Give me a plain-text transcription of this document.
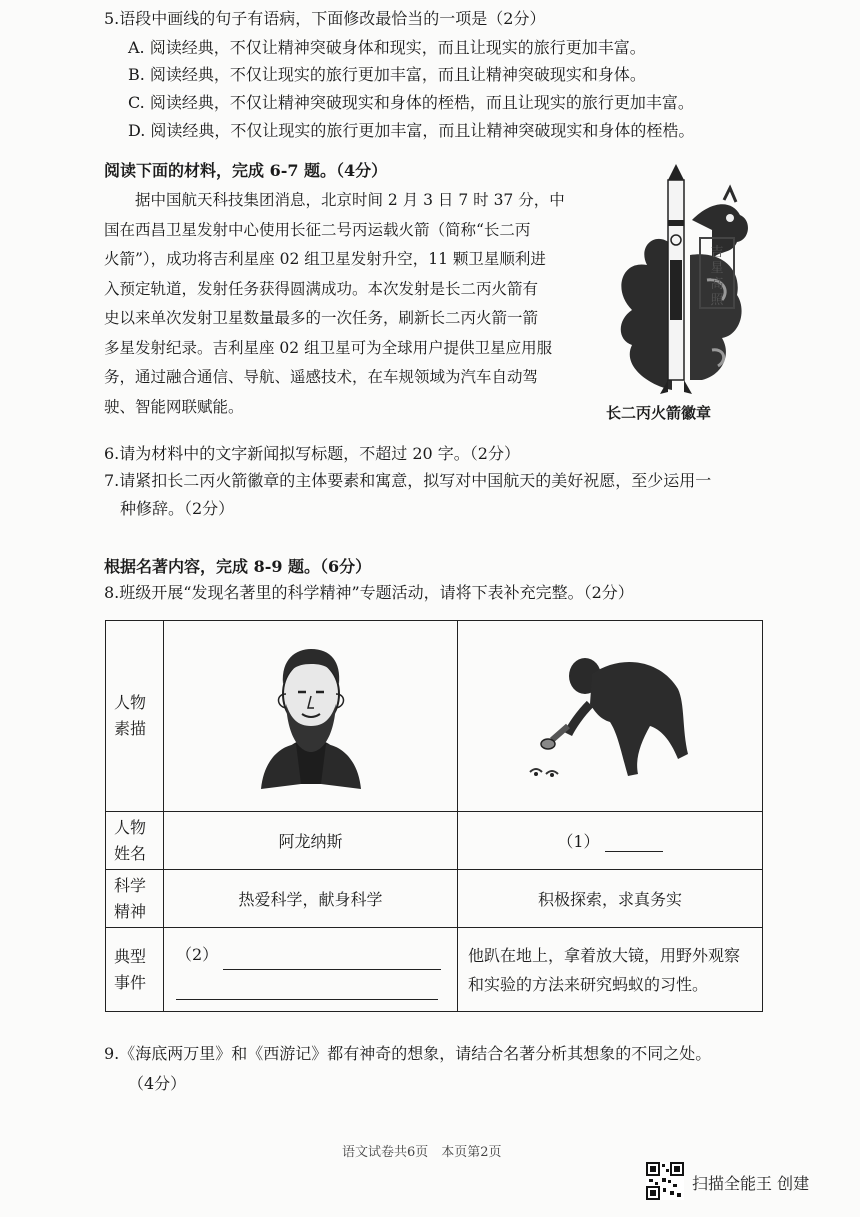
5.语段中画线的句子有语病，下面修改最恰当的一项是（2分）
A. 阅读经典，不仅让精神突破身体和现实，而且让现实的旅行更加丰富。
B. 阅读经典，不仅让现实的旅行更加丰富，而且让精神突破现实和身体。
C. 阅读经典，不仅让精神突破现实和身体的桎梏，而且让现实的旅行更加丰富。
D. 阅读经典，不仅让现实的旅行更加丰富，而且让精神突破现实和身体的桎梏。
阅读下面的材料，完成 6-7 题。（4分）
　　据中国航天科技集团消息，北京时间 2 月 3 日 7 时 37 分，中
国在西昌卫星发射中心使用长征二号丙运载火箭（简称“长二丙
火箭”），成功将吉利星座 02 组卫星发射升空，11 颗卫星顺利进
入预定轨道，发射任务获得圆满成功。本次发射是长二丙火箭有
史以来单次发射卫星数量最多的一次任务，刷新长二丙火箭一箭
多星发射纪录。吉利星座 02 组卫星可为全球用户提供卫星应用服
务，通过融合通信、导航、遥感技术，在车规领域为汽车自动驾
驶、智能网联赋能。
吉
星
高
照
长二丙火箭徽章
6.请为材料中的文字新闻拟写标题，不超过 20 字。（2分）
7.请紧扣长二丙火箭徽章的主体要素和寓意，拟写对中国航天的美好祝愿，至少运用一
种修辞。（2分）
根据名著内容，完成 8-9 题。（6分）
8.班级开展“发现名著里的科学精神”专题活动，请将下表补充完整。（2分）
人物素描

人物姓名	阿龙纳斯	（1）

科学精神	热爱科学，献身科学	积极探索，求真务实

典型事件	（2）	他趴在地上，拿着放大镜，用野外观察
和实验的方法来研究蚂蚁的习性。
9.《海底两万里》和《西游记》都有神奇的想象，请结合名著分析其想象的不同之处。
（4分）
语文试卷共6页　本页第2页
扫描全能王 创建
